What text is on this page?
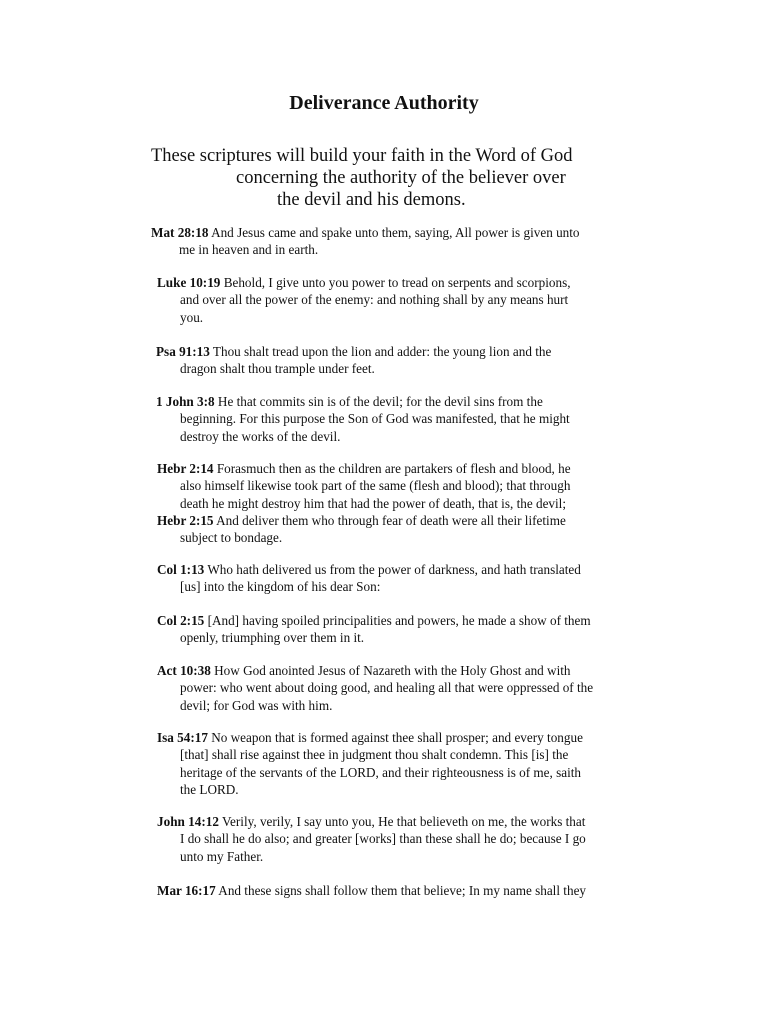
Deliverance Authority
These scriptures will build your faith in the Word of God
concerning the authority of the believer over
the devil and his demons.
Mat 28:18 And Jesus came and spake unto them, saying, All power is given unto
me in heaven and in earth.
Luke 10:19 Behold, I give unto you power to tread on serpents and scorpions,
and over all the power of the enemy: and nothing shall by any means hurt
you.
Psa 91:13 Thou shalt tread upon the lion and adder: the young lion and the
dragon shalt thou trample under feet.
1 John 3:8 He that commits sin is of the devil; for the devil sins from the
beginning. For this purpose the Son of God was manifested, that he might
destroy the works of the devil.
Hebr 2:14 Forasmuch then as the children are partakers of flesh and blood, he
also himself likewise took part of the same (flesh and blood); that through
death he might destroy him that had the power of death, that is, the devil;
Hebr 2:15 And deliver them who through fear of death were all their lifetime
subject to bondage.
Col 1:13 Who hath delivered us from the power of darkness, and hath translated
[us] into the kingdom of his dear Son:
Col 2:15 [And] having spoiled principalities and powers, he made a show of them
openly, triumphing over them in it.
Act 10:38 How God anointed Jesus of Nazareth with the Holy Ghost and with
power: who went about doing good, and healing all that were oppressed of the
devil; for God was with him.
Isa 54:17 No weapon that is formed against thee shall prosper; and every tongue
[that] shall rise against thee in judgment thou shalt condemn. This [is] the
heritage of the servants of the LORD, and their righteousness is of me, saith
the LORD.
John 14:12 Verily, verily, I say unto you, He that believeth on me, the works that
I do shall he do also; and greater [works] than these shall he do; because I go
unto my Father.
Mar 16:17 And these signs shall follow them that believe; In my name shall they
